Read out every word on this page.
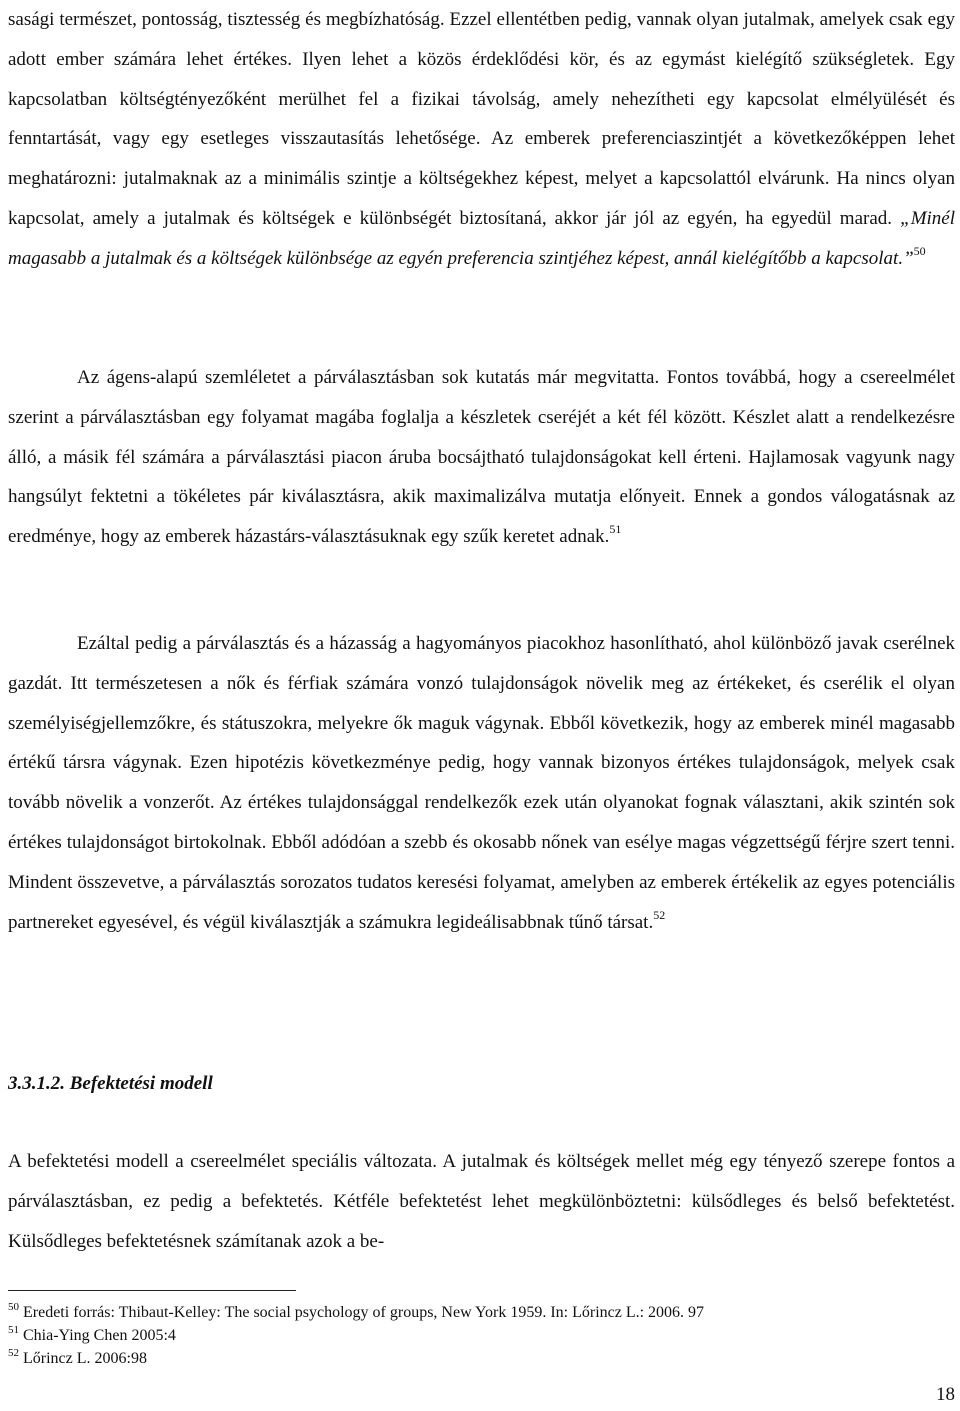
sasági természet, pontosság, tisztesség és megbízhatóság. Ezzel ellentétben pedig, vannak olyan jutalmak, amelyek csak egy adott ember számára lehet értékes. Ilyen lehet a közös érdeklődési kör, és az egymást kielégítő szükségletek. Egy kapcsolatban költségtényezőként merülhet fel a fizikai távolság, amely nehezítheti egy kapcsolat elmélyülését és fenntartását, vagy egy esetleges visszautasítás lehetősége. Az emberek preferenciaszintjét a következőképpen lehet meghatározni: jutalmaknak az a minimális szintje a költségekhez képest, melyet a kapcsolattól elvárunk. Ha nincs olyan kapcsolat, amely a jutalmak és költségek e különbségét biztosítaná, akkor jár jól az egyén, ha egyedül marad. „Minél magasabb a jutalmak és a költségek különbsége az egyén preferencia szintjéhez képest, annál kielégítőbb a kapcsolat.”$^{50}$

Az ágens-alapú szemléletet a párválasztásban sok kutatás már megvitatta. Fontos továbbá, hogy a csereelmélet szerint a párválasztásban egy folyamat magába foglalja a készletek cseréjét a két fél között. Készlet alatt a rendelkezésre álló, a másik fél számára a párválasztási piacon áruba bocsájtható tulajdonságokat kell érteni. Hajlamosak vagyunk nagy hangsúlyt fektetni a tökéletes pár kiválasztásra, akik maximalizálva mutatja előnyeit. Ennek a gondos válogatásnak az eredménye, hogy az emberek házastárs-választásuknak egy szűk keretet adnak.$^{51}$

Ezáltal pedig a párválasztás és a házasság a hagyományos piacokhoz hasonlítható, ahol különböző javak cserélnek gazdát. Itt természetesen a nők és férfiak számára vonzó tulajdonságok növelik meg az értékeket, és cserélik el olyan személyiségjellemzőkre, és státuszokra, melyekre ők maguk vágynak. Ebből következik, hogy az emberek minél magasabb értékű társra vágynak. Ezen hipotézis következménye pedig, hogy vannak bizonyos értékes tulajdonságok, melyek csak tovább növelik a vonzerőt. Az értékes tulajdonsággal rendelkezők ezek után olyanokat fognak választani, akik szintén sok értékes tulajdonságot birtokolnak. Ebből adódóan a szebb és okosabb nőnek van esélye magas végzettségű férjre szert tenni. Mindent összevetve, a párválasztás sorozatos tudatos keresési folyamat, amelyben az emberek értékelik az egyes potenciális partnereket egyesével, és végül kiválasztják a számukra legideálisabbnak tűnő társat.$^{52}$

3.3.1.2. Befektetési modell

A befektetési modell a csereelmélet speciális változata. A jutalmak és költségek mellet még egy tényező szerepe fontos a párválasztásban, ez pedig a befektetés. Kétféle befektetést lehet megkülönböztetni: külsődleges és belső befektetést. Külsődleges befektetésnek számítanak azok a be-

$^{50}$ Eredeti forrás: Thibaut-Kelley: The social psychology of groups, New York 1959. In: Lőrincz L.: 2006. 97

$^{51}$ Chia-Ying Chen 2005:4

$^{52}$ Lőrincz L. 2006:98

18
